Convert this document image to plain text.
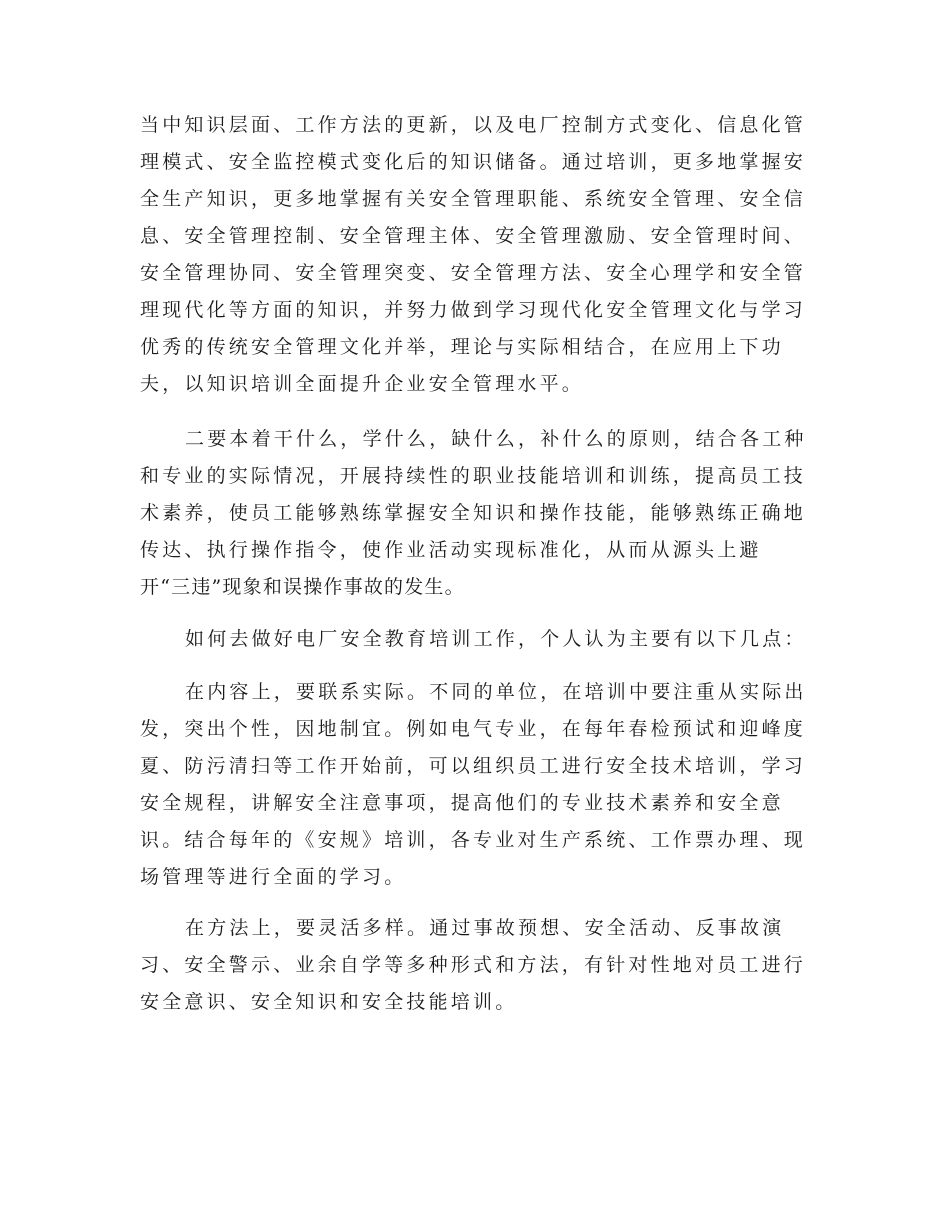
当中知识层面、工作方法的更新，以及电厂控制方式变化、信息化管
理模式、安全监控模式变化后的知识储备。通过培训，更多地掌握安
全生产知识，更多地掌握有关安全管理职能、系统安全管理、安全信
息、安全管理控制、安全管理主体、安全管理激励、安全管理时间、
安全管理协同、安全管理突变、安全管理方法、安全心理学和安全管
理现代化等方面的知识，并努力做到学习现代化安全管理文化与学习
优秀的传统安全管理文化并举，理论与实际相结合，在应用上下功
夫，以知识培训全面提升企业安全管理水平。
二要本着干什么，学什么，缺什么，补什么的原则，结合各工种
和专业的实际情况，开展持续性的职业技能培训和训练，提高员工技
术素养，使员工能够熟练掌握安全知识和操作技能，能够熟练正确地
传达、执行操作指令，使作业活动实现标准化，从而从源头上避
开“三违”现象和误操作事故的发生。
如何去做好电厂安全教育培训工作，个人认为主要有以下几点：
在内容上，要联系实际。不同的单位，在培训中要注重从实际出
发，突出个性，因地制宜。例如电气专业，在每年春检预试和迎峰度
夏、防污清扫等工作开始前，可以组织员工进行安全技术培训，学习
安全规程，讲解安全注意事项，提高他们的专业技术素养和安全意
识。结合每年的《安规》培训，各专业对生产系统、工作票办理、现
场管理等进行全面的学习。
在方法上，要灵活多样。通过事故预想、安全活动、反事故演
习、安全警示、业余自学等多种形式和方法，有针对性地对员工进行
安全意识、安全知识和安全技能培训。
